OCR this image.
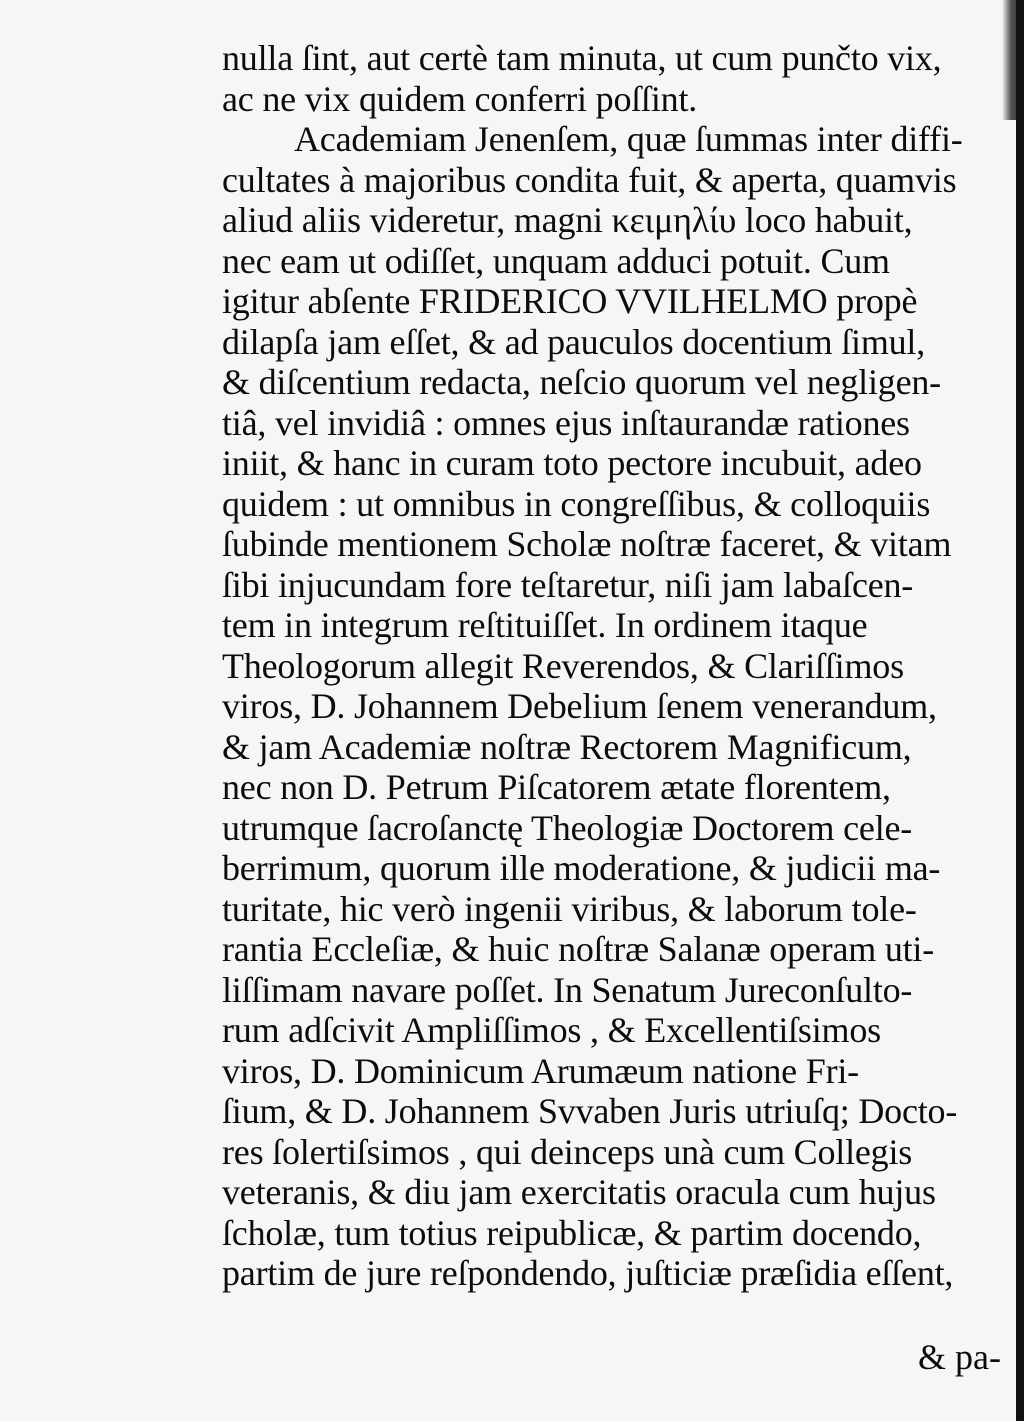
nulla ſint, aut certè tam minuta, ut cum punčto vix,
ac ne vix quidem conferri poſſint.
Academiam Jenenſem, quæ ſummas inter diffi-
cultates à majoribus condita fuit, & aperta, quamvis
aliud aliis videretur, magni κειμηλίυ loco habuit,
nec eam ut odiſſet, unquam adduci potuit. Cum
igitur abſente FRIDERICO VVILHELMO propè
dilapſa jam eſſet, & ad pauculos docentium ſimul,
& diſcentium redacta, neſcio quorum vel negligen-
tiâ, vel invidiâ : omnes ejus inſtaurandæ rationes
iniit, & hanc in curam toto pectore incubuit, adeo
quidem : ut omnibus in congreſſibus, & colloquiis
ſubinde mentionem Scholæ noſtræ faceret, & vitam
ſibi injucundam fore teſtaretur, niſi jam labaſcen-
tem in integrum reſtituiſſet. In ordinem itaque
Theologorum allegit Reverendos, & Clariſſimos
viros, D. Johannem Debelium ſenem venerandum,
& jam Academiæ noſtræ Rectorem Magnificum,
nec non D. Petrum Piſcatorem ætate florentem,
utrumque ſacroſanctę Theologiæ Doctorem cele-
berrimum, quorum ille moderatione, & judicii ma-
turitate, hic verò ingenii viribus, & laborum tole-
rantia Eccleſiæ, & huic noſtræ Salanæ operam uti-
liſſimam navare poſſet. In Senatum Jureconſulto-
rum adſcivit Ampliſſimos , & Excellentiſsimos
viros, D. Dominicum Arumæum natione Fri-
ſium, & D. Johannem Svvaben Juris utriuſq; Docto-
res ſolertiſsimos , qui deinceps unà cum Collegis
veteranis, & diu jam exercitatis oracula cum hujus
ſcholæ, tum totius reipublicæ, & partim docendo,
partim de jure reſpondendo, juſticiæ præſidia eſſent,
& pa-
